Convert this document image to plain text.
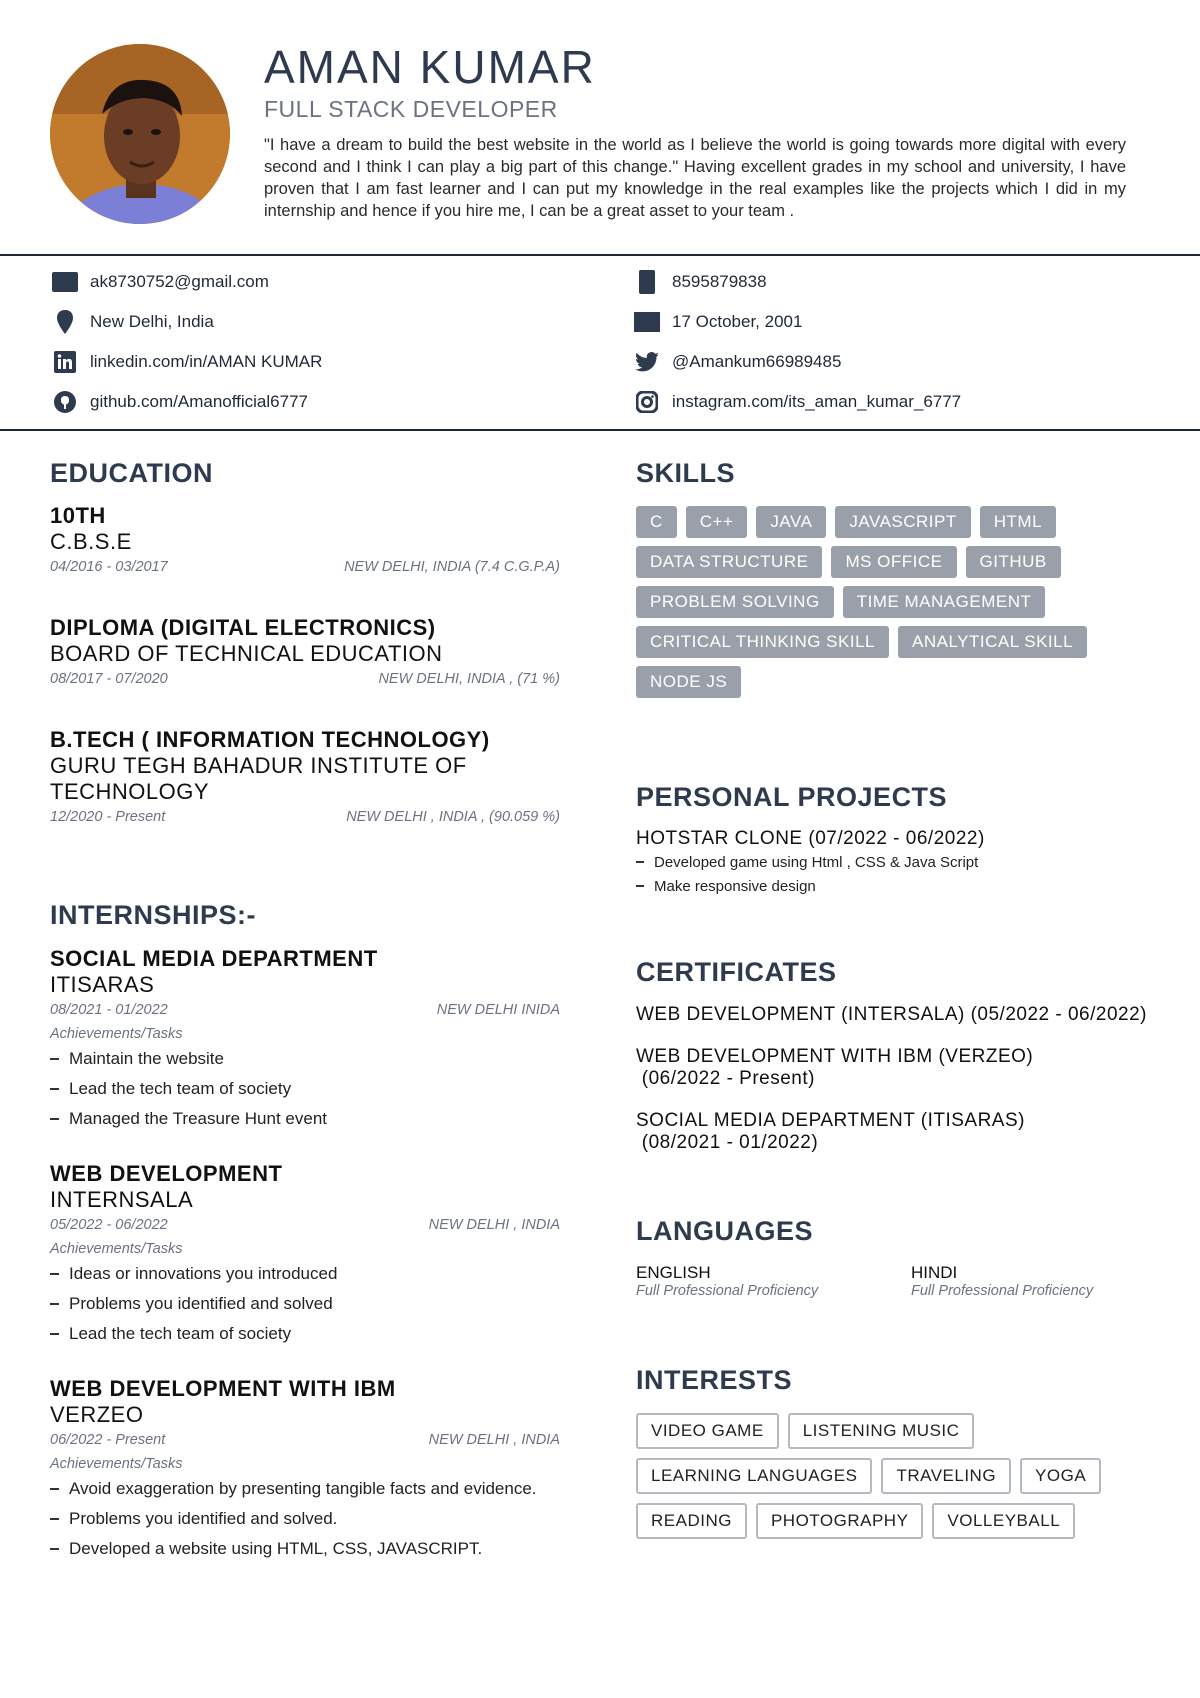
AMAN KUMAR
FULL STACK DEVELOPER
"I have a dream to build the best website in the world as I believe the world is going towards more digital with every second and I think I can play a big part of this change." Having excellent grades in my school and university, I have proven that I am fast learner and I can put my knowledge in the real examples like the projects which I did in my internship and hence if you hire me, I can be a great asset to your team .
ak8730752@gmail.com	8595879838
New Delhi, India	17 October, 2001
linkedin.com/in/AMAN KUMAR	@Amankum66989485
github.com/Amanofficial6777	instagram.com/its_aman_kumar_6777
EDUCATION
10TH
C.B.S.E
04/2016 - 03/2017	NEW DELHI, INDIA (7.4 C.G.P.A)
DIPLOMA (DIGITAL ELECTRONICS)
BOARD OF TECHNICAL EDUCATION
08/2017 - 07/2020	NEW DELHI, INDIA , (71 %)
B.TECH ( INFORMATION TECHNOLOGY)
GURU TEGH BAHADUR INSTITUTE OF TECHNOLOGY
12/2020 - Present	NEW DELHI , INDIA , (90.059 %)
INTERNSHIPS:-
SOCIAL MEDIA DEPARTMENT
ITISARAS
08/2021 - 01/2022	NEW DELHI INIDA
Achievements/Tasks
Maintain the website
Lead the tech team of society
Managed the Treasure Hunt event
WEB DEVELOPMENT
INTERNSALA
05/2022 - 06/2022	NEW DELHI , INDIA
Achievements/Tasks
Ideas or innovations you introduced
Problems you identified and solved
Lead the tech team of society
WEB DEVELOPMENT WITH IBM
VERZEO
06/2022 - Present	NEW DELHI , INDIA
Achievements/Tasks
Avoid exaggeration by presenting tangible facts and evidence.
Problems you identified and solved.
Developed a website using HTML, CSS, JAVASCRIPT.
SKILLS
C	C++	JAVA	JAVASCRIPT	HTML
DATA STRUCTURE	MS OFFICE	GITHUB
PROBLEM SOLVING	TIME MANAGEMENT
CRITICAL THINKING SKILL	ANALYTICAL SKILL
NODE JS
PERSONAL PROJECTS
HOTSTAR CLONE (07/2022 - 06/2022)
Developed game using Html , CSS & Java Script
Make responsive design
CERTIFICATES
WEB DEVELOPMENT (INTERSALA) (05/2022 - 06/2022)
WEB DEVELOPMENT WITH IBM (VERZEO)
(06/2022 - Present)
SOCIAL MEDIA DEPARTMENT (ITISARAS)
(08/2021 - 01/2022)
LANGUAGES
ENGLISH
Full Professional Proficiency
HINDI
Full Professional Proficiency
INTERESTS
VIDEO GAME	LISTENING MUSIC
LEARNING LANGUAGES	TRAVELING	YOGA
READING	PHOTOGRAPHY	VOLLEYBALL
